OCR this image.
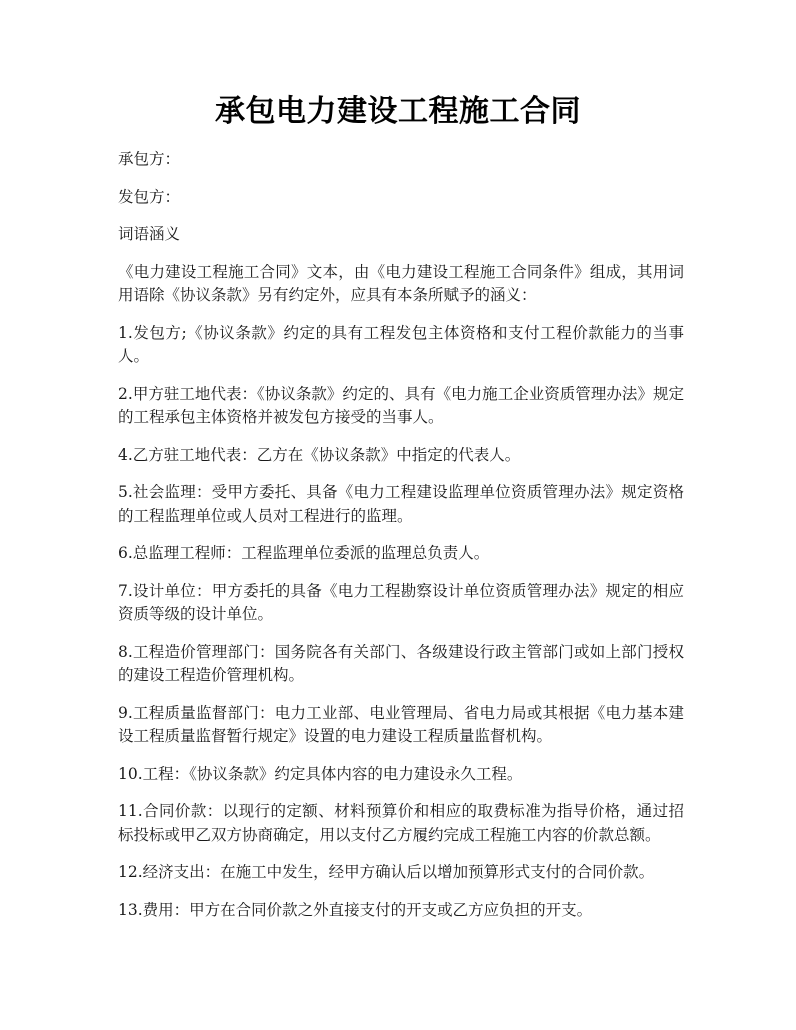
承包电力建设工程施工合同

承包方：

发包方：

词语涵义

《电力建设工程施工合同》文本，由《电力建设工程施工合同条件》组成，其用词用语除《协议条款》另有约定外，应具有本条所赋予的涵义：

1.发包方;《协议条款》约定的具有工程发包主体资格和支付工程价款能力的当事人。

2.甲方驻工地代表：《协议条款》约定的、具有《电力施工企业资质管理办法》规定的工程承包主体资格并被发包方接受的当事人。

4.乙方驻工地代表：乙方在《协议条款》中指定的代表人。

5.社会监理：受甲方委托、具备《电力工程建设监理单位资质管理办法》规定资格的工程监理单位或人员对工程进行的监理。

6.总监理工程师：工程监理单位委派的监理总负责人。

7.设计单位：甲方委托的具备《电力工程勘察设计单位资质管理办法》规定的相应资质等级的设计单位。

8.工程造价管理部门：国务院各有关部门、各级建设行政主管部门或如上部门授权的建设工程造价管理机构。

9.工程质量监督部门：电力工业部、电业管理局、省电力局或其根据《电力基本建设工程质量监督暂行规定》设置的电力建设工程质量监督机构。

10.工程：《协议条款》约定具体内容的电力建设永久工程。

11.合同价款：以现行的定额、材料预算价和相应的取费标准为指导价格，通过招标投标或甲乙双方协商确定，用以支付乙方履约完成工程施工内容的价款总额。

12.经济支出：在施工中发生，经甲方确认后以增加预算形式支付的合同价款。

13.费用：甲方在合同价款之外直接支付的开支或乙方应负担的开支。
